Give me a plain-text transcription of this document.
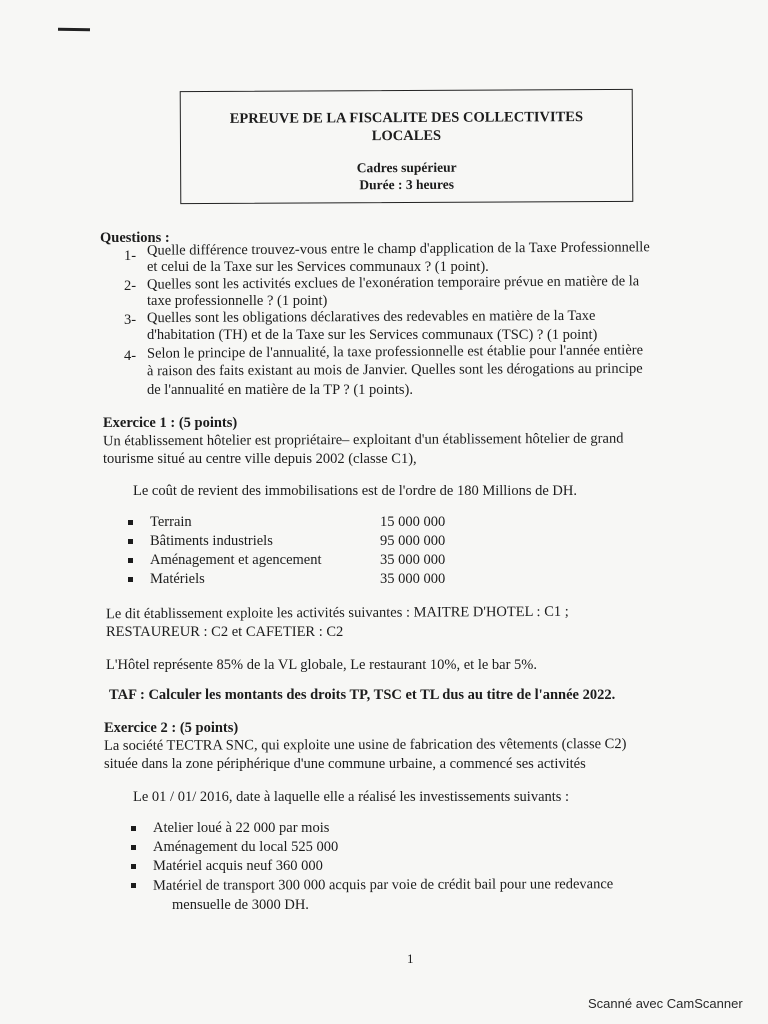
EPREUVE DE LA FISCALITE DES COLLECTIVITES
LOCALES
Cadres supérieur
Durée : 3 heures
Questions :
1- Quelle différence trouvez-vous entre le champ d'application de la Taxe Professionnelle
et celui de la Taxe sur les Services communaux ? (1 point).
2- Quelles sont les activités exclues de l'exonération temporaire prévue en matière de la
taxe professionnelle ? (1 point)
3- Quelles sont les obligations déclaratives des redevables en matière de la Taxe
d'habitation (TH) et de la Taxe sur les Services communaux (TSC) ? (1 point)
4- Selon le principe de l'annualité, la taxe professionnelle est établie pour l'année entière
à raison des faits existant au mois de Janvier. Quelles sont les dérogations au principe
de l'annualité en matière de la TP ? (1 points).
Exercice 1 : (5 points)
Un établissement hôtelier est propriétaire– exploitant d'un établissement hôtelier de grand
tourisme situé au centre ville depuis 2002 (classe C1),
Le coût de revient des immobilisations est de l'ordre de 180 Millions de DH.
Terrain	15 000 000
Bâtiments industriels	95 000 000
Aménagement et agencement	35 000 000
Matériels	35 000 000
Le dit établissement exploite les activités suivantes : MAITRE D'HOTEL : C1 ;
RESTAUREUR : C2 et CAFETIER : C2
L'Hôtel représente 85% de la VL globale, Le restaurant 10%, et le bar 5%.
TAF : Calculer les montants des droits TP, TSC et TL dus au titre de l'année 2022.
Exercice 2 : (5 points)
La société TECTRA SNC, qui exploite une usine de fabrication des vêtements (classe C2)
située dans la zone périphérique d'une commune urbaine, a commencé ses activités
Le 01 / 01/ 2016, date à laquelle elle a réalisé les investissements suivants :
Atelier loué à 22 000 par mois
Aménagement du local 525 000
Matériel acquis neuf 360 000
Matériel de transport 300 000 acquis par voie de crédit bail pour une redevance
mensuelle de 3000 DH.
1
Scanné avec CamScanner
